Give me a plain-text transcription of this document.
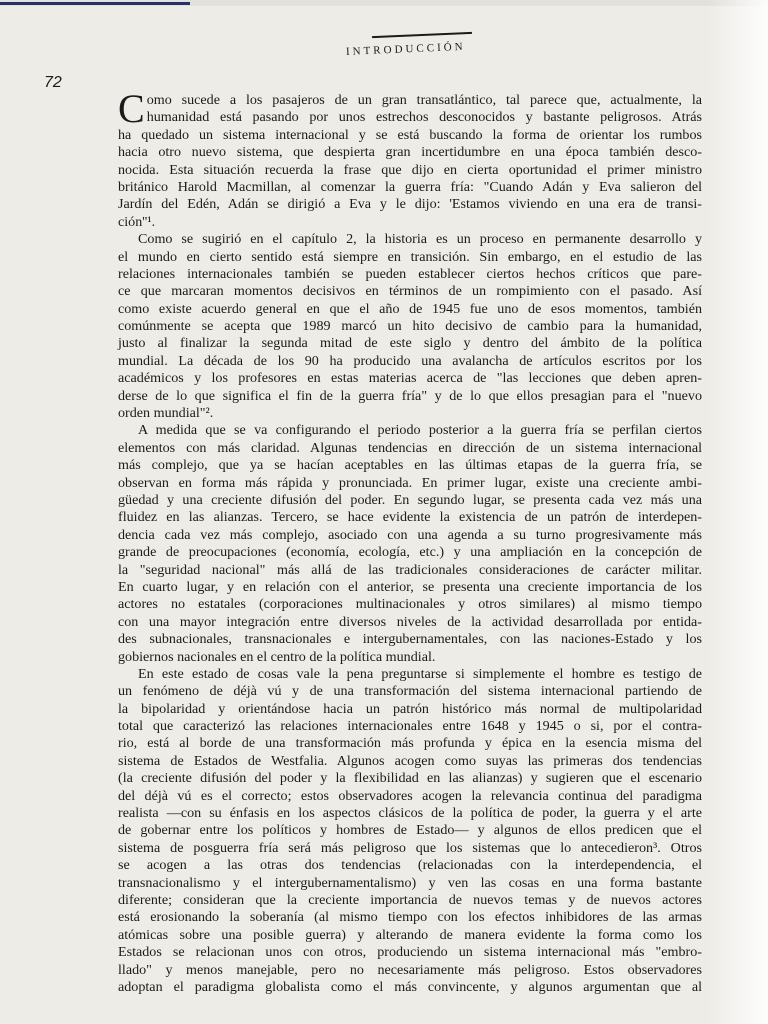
INTRODUCCIÓN
72
C omo sucede a los pasajeros de un gran transatlántico, tal parece que, actualmente, la
humanidad está pasando por unos estrechos desconocidos y bastante peligrosos. Atrás
ha quedado un sistema internacional y se está buscando la forma de orientar los rumbos
hacia otro nuevo sistema, que despierta gran incertidumbre en una época también desco-
nocida. Esta situación recuerda la frase que dijo en cierta oportunidad el primer ministro
británico Harold Macmillan, al comenzar la guerra fría: "Cuando Adán y Eva salieron del
Jardín del Edén, Adán se dirigió a Eva y le dijo: 'Estamos viviendo en una era de transi-
ción''¹.
Como se sugirió en el capítulo 2, la historia es un proceso en permanente desarrollo y
el mundo en cierto sentido está siempre en transición. Sin embargo, en el estudio de las
relaciones internacionales también se pueden establecer ciertos hechos críticos que pare-
ce que marcaran momentos decisivos en términos de un rompimiento con el pasado. Así
como existe acuerdo general en que el año de 1945 fue uno de esos momentos, también
comúnmente se acepta que 1989 marcó un hito decisivo de cambio para la humanidad,
justo al finalizar la segunda mitad de este siglo y dentro del ámbito de la política
mundial. La década de los 90 ha producido una avalancha de artículos escritos por los
académicos y los profesores en estas materias acerca de "las lecciones que deben apren-
derse de lo que significa el fin de la guerra fría" y de lo que ellos presagian para el "nuevo
orden mundial"².
A medida que se va configurando el periodo posterior a la guerra fría se perfilan ciertos
elementos con más claridad. Algunas tendencias en dirección de un sistema internacional
más complejo, que ya se hacían aceptables en las últimas etapas de la guerra fría, se
observan en forma más rápida y pronunciada. En primer lugar, existe una creciente ambi-
güedad y una creciente difusión del poder. En segundo lugar, se presenta cada vez más una
fluidez en las alianzas. Tercero, se hace evidente la existencia de un patrón de interdepen-
dencia cada vez más complejo, asociado con una agenda a su turno progresivamente más
grande de preocupaciones (economía, ecología, etc.) y una ampliación en la concepción de
la "seguridad nacional" más allá de las tradicionales consideraciones de carácter militar.
En cuarto lugar, y en relación con el anterior, se presenta una creciente importancia de los
actores no estatales (corporaciones multinacionales y otros similares) al mismo tiempo
con una mayor integración entre diversos niveles de la actividad desarrollada por entida-
des subnacionales, transnacionales e intergubernamentales, con las naciones-Estado y los
gobiernos nacionales en el centro de la política mundial.
En este estado de cosas vale la pena preguntarse si simplemente el hombre es testigo de
un fenómeno de déjà vú y de una transformación del sistema internacional partiendo de
la bipolaridad y orientándose hacia un patrón histórico más normal de multipolaridad
total que caracterizó las relaciones internacionales entre 1648 y 1945 o si, por el contra-
rio, está al borde de una transformación más profunda y épica en la esencia misma del
sistema de Estados de Westfalia. Algunos acogen como suyas las primeras dos tendencias
(la creciente difusión del poder y la flexibilidad en las alianzas) y sugieren que el escenario
del déjà vú es el correcto; estos observadores acogen la relevancia continua del paradigma
realista —con su énfasis en los aspectos clásicos de la política de poder, la guerra y el arte
de gobernar entre los políticos y hombres de Estado— y algunos de ellos predicen que el
sistema de posguerra fría será más peligroso que los sistemas que lo antecedieron³. Otros
se acogen a las otras dos tendencias (relacionadas con la interdependencia, el
transnacionalismo y el intergubernamentalismo) y ven las cosas en una forma bastante
diferente; consideran que la creciente importancia de nuevos temas y de nuevos actores
está erosionando la soberanía (al mismo tiempo con los efectos inhibidores de las armas
atómicas sobre una posible guerra) y alterando de manera evidente la forma como los
Estados se relacionan unos con otros, produciendo un sistema internacional más "embro-
llado" y menos manejable, pero no necesariamente más peligroso. Estos observadores
adoptan el paradigma globalista como el más convincente, y algunos argumentan que al
